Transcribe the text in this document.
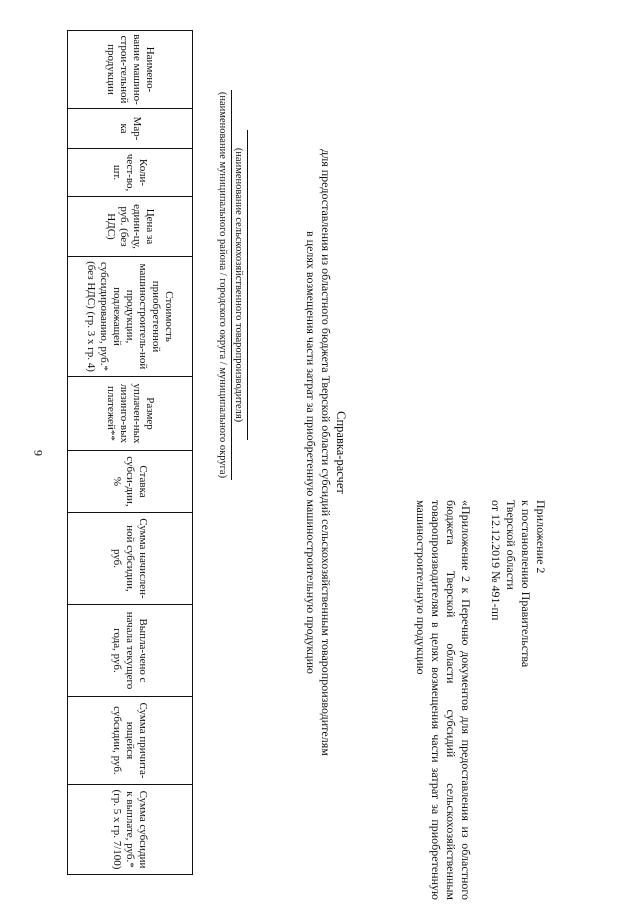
9
Приложение 2
к постановлению Правительства
Тверской области
от 12.12.2019 № 491-пп
«Приложение 2 к Перечню документов для предоставления из областного бюджета Тверской области субсидий сельскохозяйственным товаропроизводителям в целях возмещения части затрат за приобретенную машиностроительную продукцию
Справка-расчет
для предоставления из областного бюджета Тверской области субсидий сельскохозяйственным товаропроизводителям
в целях возмещения части затрат за приобретенную машиностроительную продукцию
(наименование сельскохозяйственного товаропроизводителя)
(наименование муниципального района / городского округа / муниципального округа)
Наимено-вание машино-строи-тельной продукции	Мар-ка	Коли-чест-во, шт.	Цена за едини-цу, руб. (без НДС)	Стоимость приобретенной машиностроитель-ной продукции, подлежащей субсидированию, руб.* (без НДС) (гр. 3 х гр. 4)	Размер уплачен-ных лизинго-вых платежей**	Ставка субси-дии, %	Сумма начислен-ной субсидии, руб.	Выпла-чено с начала текущего года, руб.	Сумма причита-ющейся субсидии, руб.	Сумма субсидии к выплате, руб.* (гр. 5 х гр. 7/100)
